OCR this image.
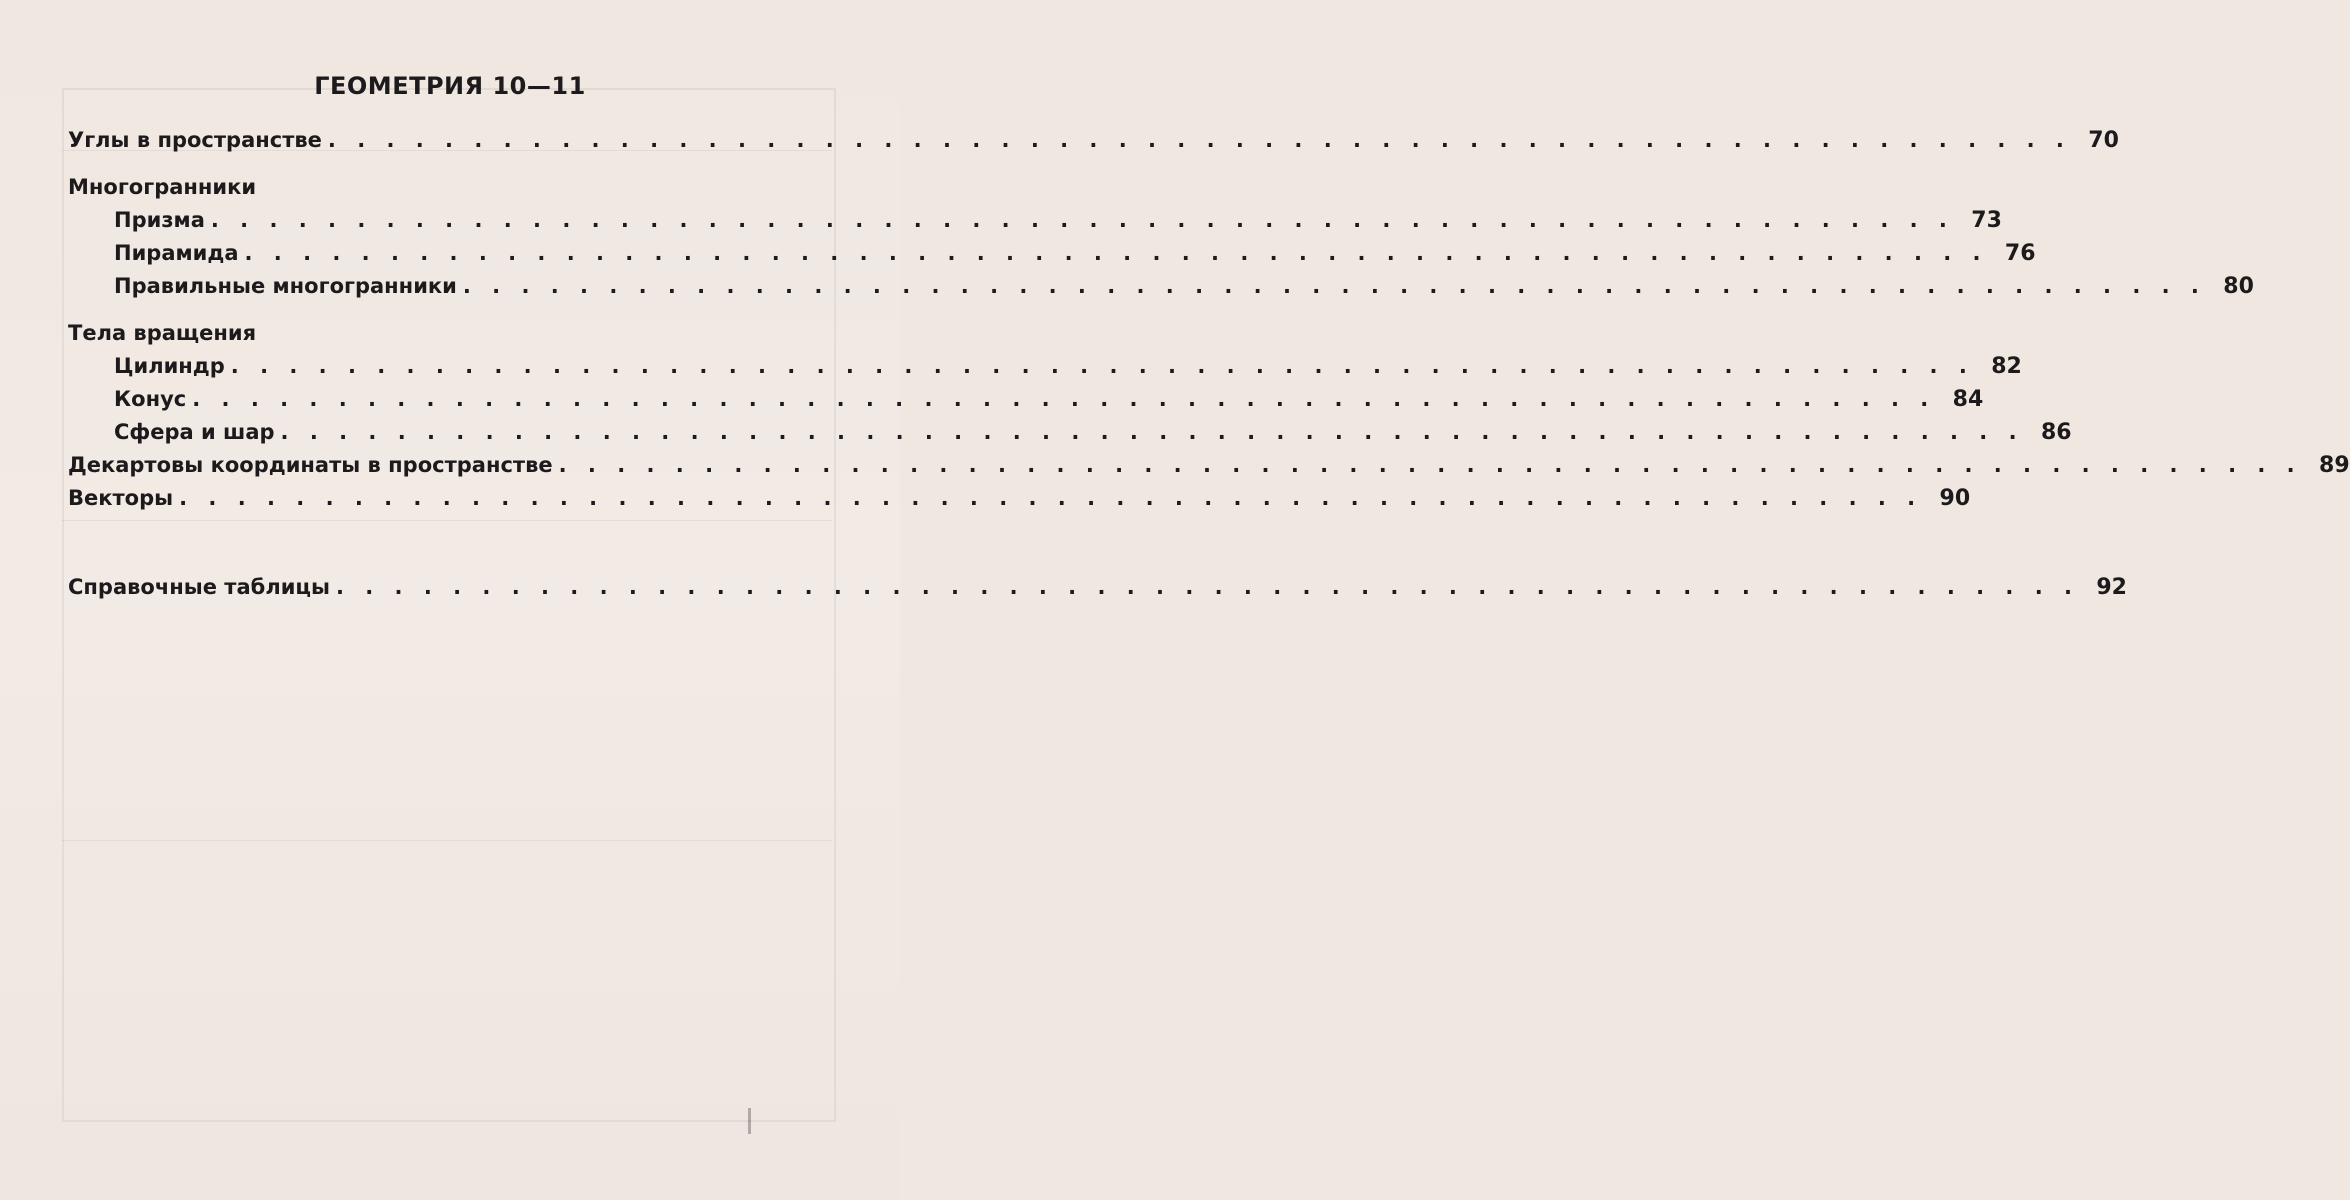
ГЕОМЕТРИЯ 10—11
Углы в пространстве . . . . . . . . . . . . . . . . . . . . . . . . . . . . . . . . . . . . . . . . . . . . . . . . . . . . . . . . . . . . 70
Многогранники
Призма . . . . . . . . . . . . . . . . . . . . . . . . . . . . . . . . . . . . . . . . . . . . . . . . . . . . . . . . . . . . 73
Пирамида . . . . . . . . . . . . . . . . . . . . . . . . . . . . . . . . . . . . . . . . . . . . . . . . . . . . . . . . . . . . 76
Правильные многогранники . . . . . . . . . . . . . . . . . . . . . . . . . . . . . . . . . . . . . . . . . . . . . . . . . . . . . . . . . . . . 80
Тела вращения
Цилиндр . . . . . . . . . . . . . . . . . . . . . . . . . . . . . . . . . . . . . . . . . . . . . . . . . . . . . . . . . . . . 82
Конус . . . . . . . . . . . . . . . . . . . . . . . . . . . . . . . . . . . . . . . . . . . . . . . . . . . . . . . . . . . . 84
Сфера и шар . . . . . . . . . . . . . . . . . . . . . . . . . . . . . . . . . . . . . . . . . . . . . . . . . . . . . . . . . . . . 86
Декартовы координаты в пространстве . . . . . . . . . . . . . . . . . . . . . . . . . . . . . . . . . . . . . . . . . . . . . . . . . . . . . . . . . . . . 89
Векторы . . . . . . . . . . . . . . . . . . . . . . . . . . . . . . . . . . . . . . . . . . . . . . . . . . . . . . . . . . . . 90
Справочные таблицы . . . . . . . . . . . . . . . . . . . . . . . . . . . . . . . . . . . . . . . . . . . . . . . . . . . . . . . . . . . . 92
